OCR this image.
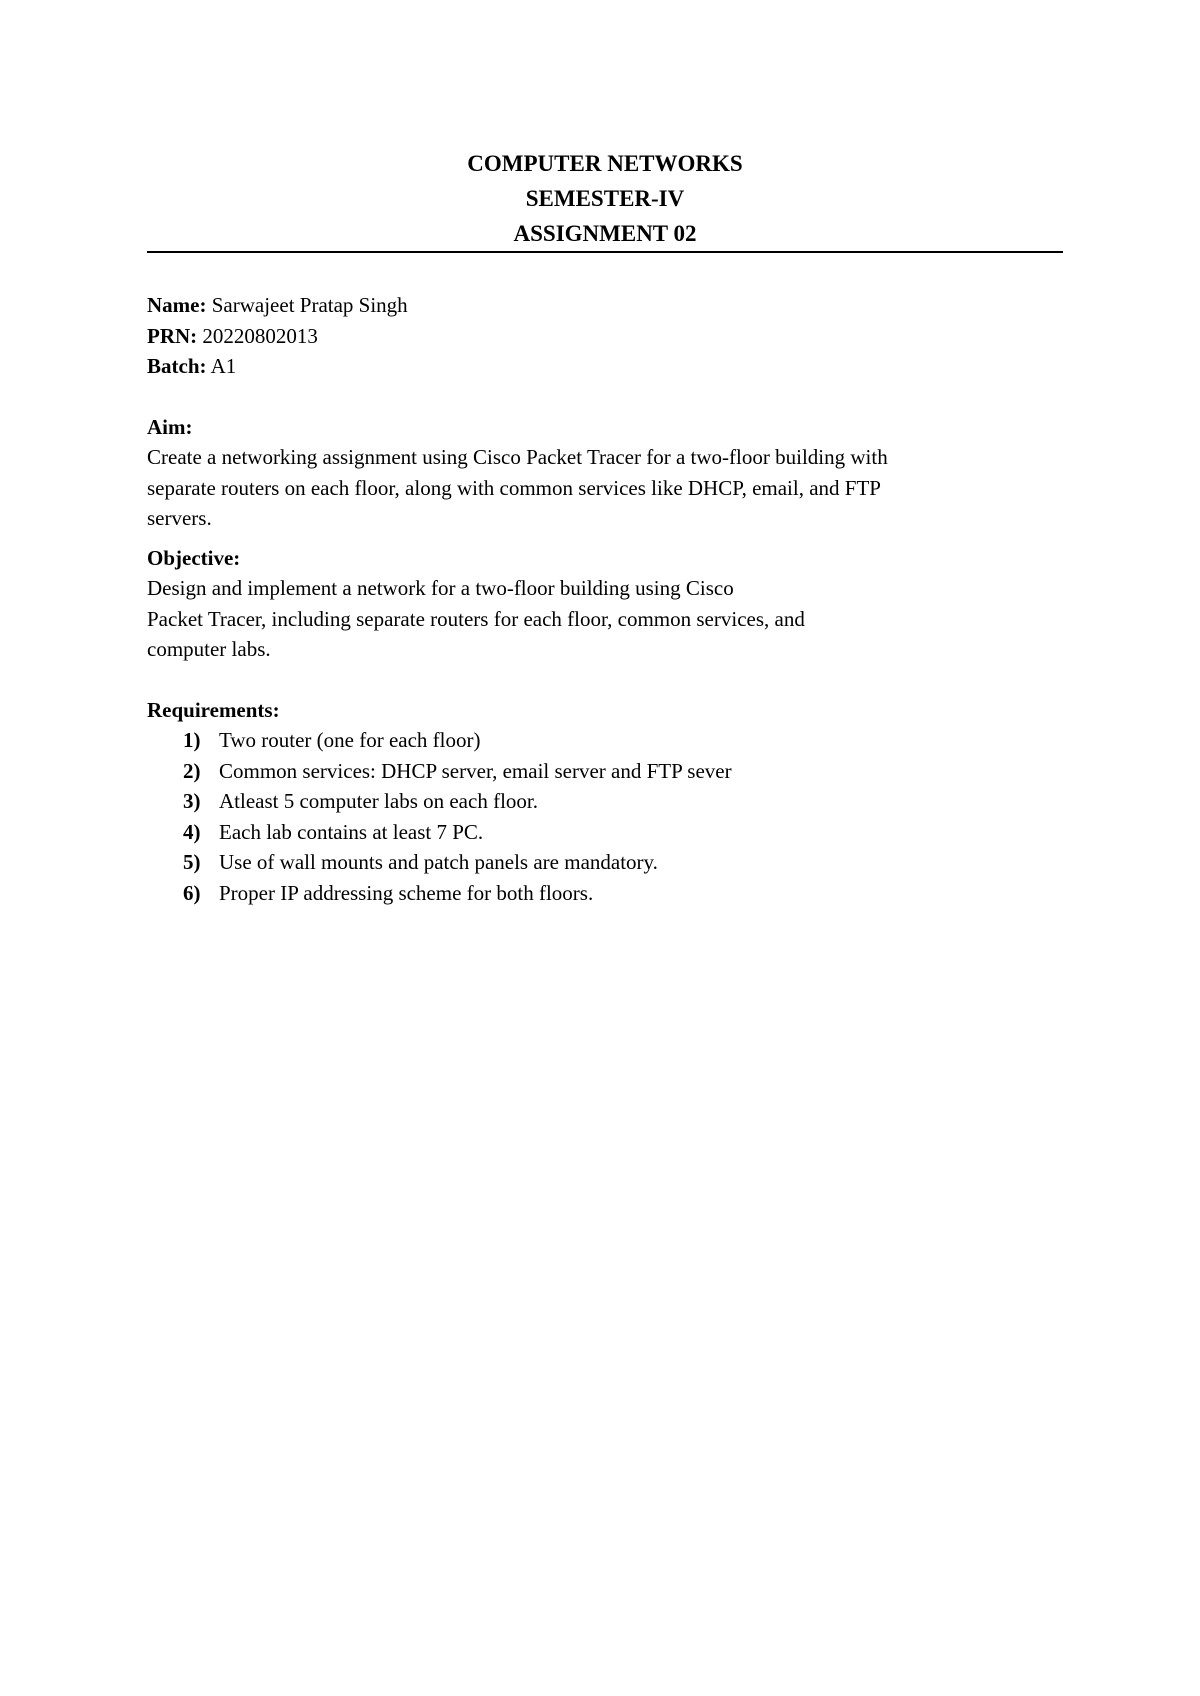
COMPUTER NETWORKS
SEMESTER-IV
ASSIGNMENT 02
Name: Sarwajeet Pratap Singh
PRN: 20220802013
Batch: A1
Aim:
Create a networking assignment using Cisco Packet Tracer for a two-floor building with
separate routers on each floor, along with common services like DHCP, email, and FTP
servers.
Objective:
Design and implement a network for a two-floor building using Cisco
Packet Tracer, including separate routers for each floor, common services, and
computer labs.
Requirements:
1) Two router (one for each floor)
2) Common services: DHCP server, email server and FTP sever
3) Atleast 5 computer labs on each floor.
4) Each lab contains at least 7 PC.
5) Use of wall mounts and patch panels are mandatory.
6) Proper IP addressing scheme for both floors.
